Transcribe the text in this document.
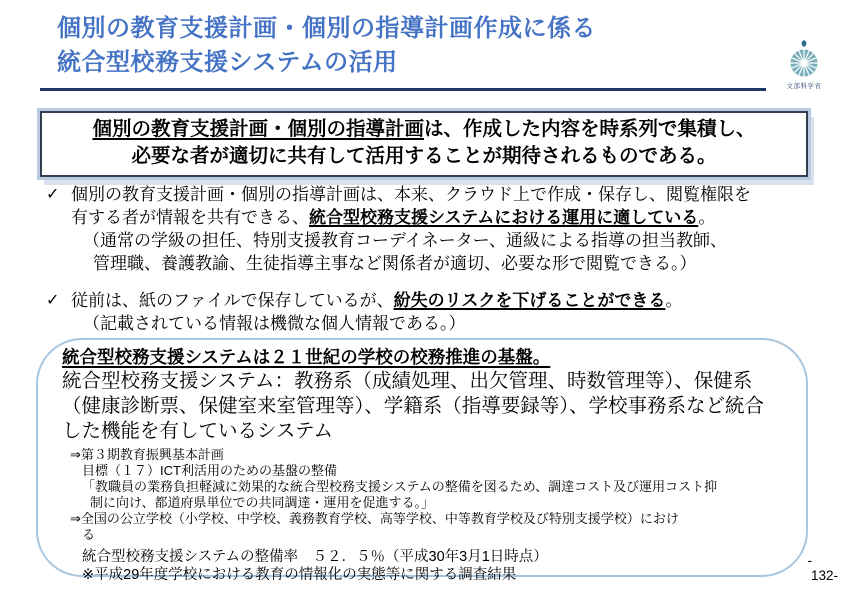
個別の教育支援計画・個別の指導計画作成に係る
統合型校務支援システムの活用
文部科学省
個別の教育支援計画・個別の指導計画は、作成した内容を時系列で集積し、
必要な者が適切に共有して活用することが期待されるものである。
✓ 個別の教育支援計画・個別の指導計画は、本来、クラウド上で作成・保存し、閲覧権限を
有する者が情報を共有できる、統合型校務支援システムにおける運用に適している。
（通常の学級の担任、特別支援教育コーデイネーター、通級による指導の担当教師、
管理職、養護教諭、生徒指導主事など関係者が適切、必要な形で閲覧できる。）
✓ 従前は、紙のファイルで保存しているが、紛失のリスクを下げることができる。
（記載されている情報は機微な個人情報である。）
統合型校務支援システムは２１世紀の学校の校務推進の基盤。
統合型校務支援システム：教務系（成績処理、出欠管理、時数管理等）、保健系
（健康診断票、保健室来室管理等）、学籍系（指導要録等）、学校事務系など統合
した機能を有しているシステム
⇒第３期教育振興基本計画
目標（１７）ICT利活用のための基盤の整備
「教職員の業務負担軽減に効果的な統合型校務支援システムの整備を図るため、調達コスト及び運用コスト抑
制に向け、都道府県単位での共同調達・運用を促進する。」
⇒全国の公立学校（小学校、中学校、義務教育学校、高等学校、中等教育学校及び特別支援学校）におけ
る
統合型校務支援システムの整備率　５２．５％（平成30年3月1日時点）
※平成29年度学校における教育の情報化の実態等に関する調査結果
-
132-
